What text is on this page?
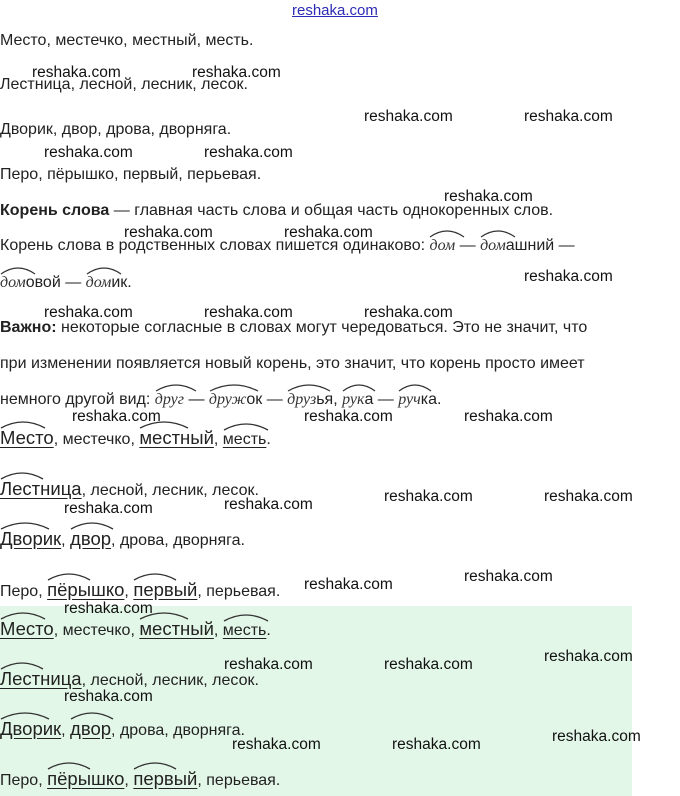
reshaka.com
Место, местечко, местный, месть.
Лестница, лесной, лесник, лесок.
Дворик, двор, дрова, дворняга.
Перо, пёрышко, первый, перьевая.
Корень слова — главная часть слова и общая часть однокоренных слов.
Корень слова в родственных словах пишется одинаково:
дом —
домашний —
домовой —
домик.
Важно: некоторые согласные в словах могут чередоваться. Это не значит, что
при изменении появляется новый корень, это значит, что корень просто имеет
немного другой вид:
друг —
дружок —
друзья,
рука —
ручка.
Место, местечко,
местный,
месть.
Лестница, лесной, лесник, лесок.
Дворик,
двор, дрова, дворняга.
Перо,
пёрышко,
первый, перьевая.
Место, местечко,
местный,
месть.
Лестница, лесной, лесник, лесок.
Дворик,
двор, дрова, дворняга.
Перо,
пёрышко,
первый, перьевая.
reshaka.com	reshaka.com
reshaka.com	reshaka.com
reshaka.com	reshaka.com
reshaka.com
reshaka.com	reshaka.com
reshaka.com
reshaka.com	reshaka.com	reshaka.com
reshaka.com	reshaka.com	reshaka.com
reshaka.com	reshaka.com
reshaka.com
reshaka.com
reshaka.com
reshaka.com
reshaka.com
reshaka.com
reshaka.com	reshaka.com
reshaka.com
reshaka.com
reshaka.com	reshaka.com
